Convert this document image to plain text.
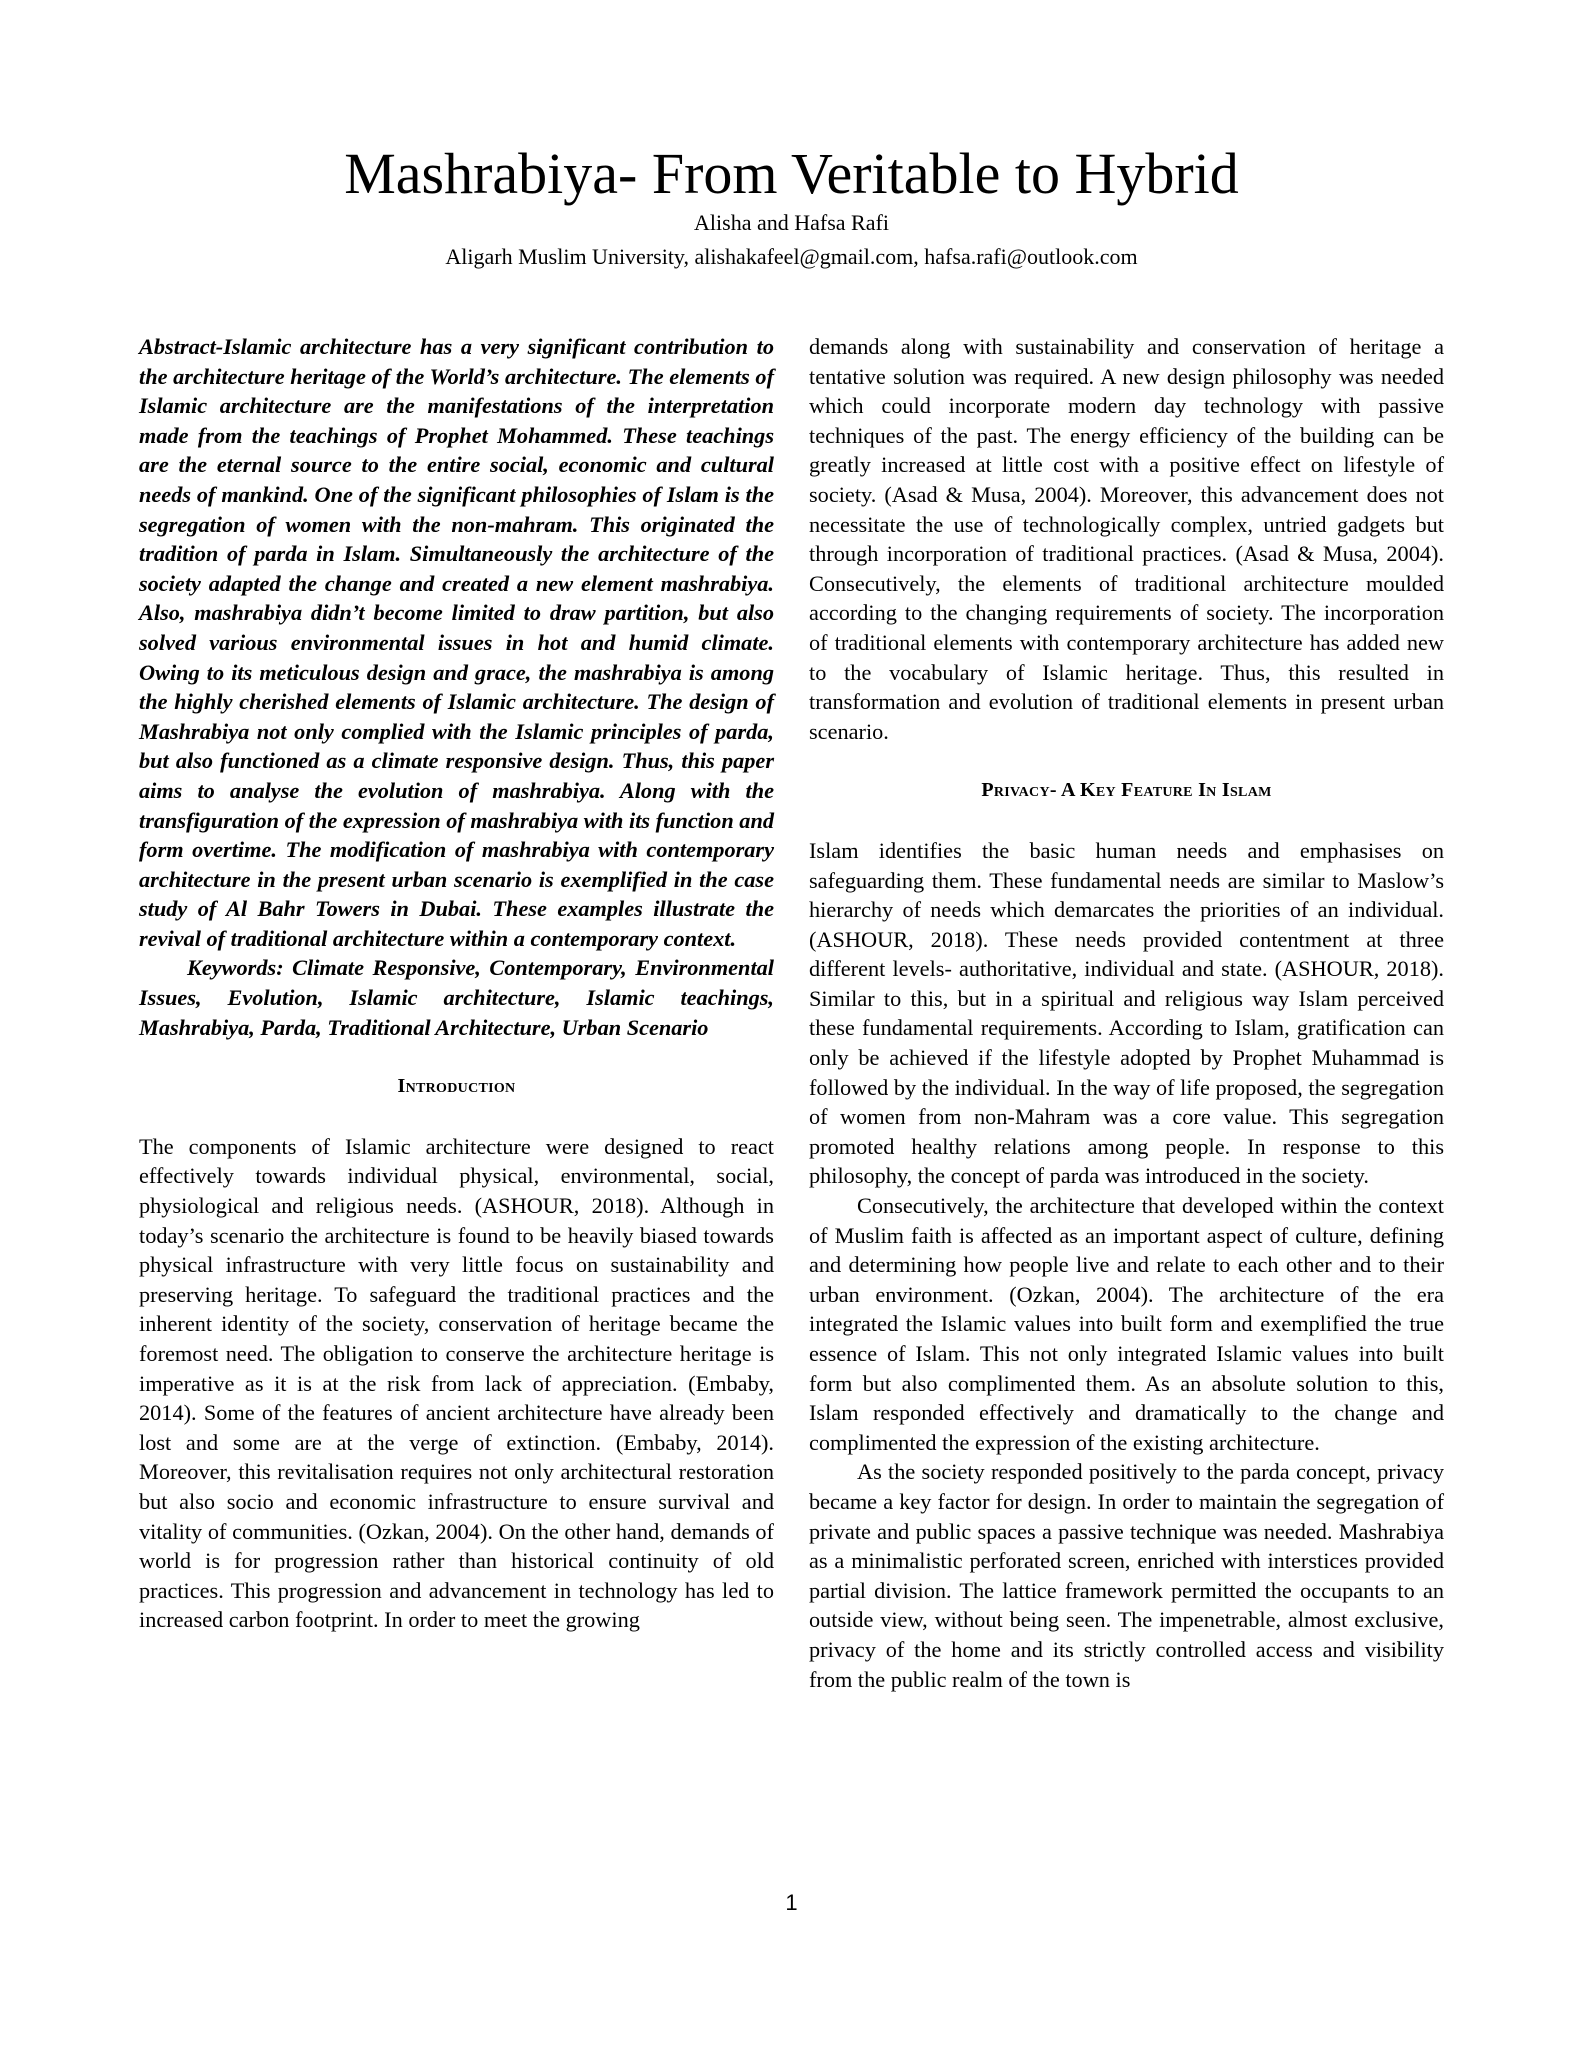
Mashrabiya- From Veritable to Hybrid
Alisha and Hafsa Rafi
Aligarh Muslim University, alishakafeel@gmail.com, hafsa.rafi@outlook.com

Abstract-Islamic architecture has a very significant contribution to the architecture heritage of the World’s architecture. The elements of Islamic architecture are the manifestations of the interpretation made from the teachings of Prophet Mohammed. These teachings are the eternal source to the entire social, economic and cultural needs of mankind. One of the significant philosophies of Islam is the segregation of women with the non-mahram. This originated the tradition of parda in Islam. Simultaneously the architecture of the society adapted the change and created a new element mashrabiya. Also, mashrabiya didn’t become limited to draw partition, but also solved various environmental issues in hot and humid climate. Owing to its meticulous design and grace, the mashrabiya is among the highly cherished elements of Islamic architecture. The design of Mashrabiya not only complied with the Islamic principles of parda, but also functioned as a climate responsive design. Thus, this paper aims to analyse the evolution of mashrabiya. Along with the transfiguration of the expression of mashrabiya with its function and form overtime. The modification of mashrabiya with contemporary architecture in the present urban scenario is exemplified in the case study of Al Bahr Towers in Dubai. These examples illustrate the revival of traditional architecture within a contemporary context.

Keywords: Climate Responsive, Contemporary, Environmental Issues, Evolution, Islamic architecture, Islamic teachings, Mashrabiya, Parda, Traditional Architecture, Urban Scenario

Introduction

The components of Islamic architecture were designed to react effectively towards individual physical, environmental, social, physiological and religious needs. (ASHOUR, 2018). Although in today’s scenario the architecture is found to be heavily biased towards physical infrastructure with very little focus on sustainability and preserving heritage. To safeguard the traditional practices and the inherent identity of the society, conservation of heritage became the foremost need. The obligation to conserve the architecture heritage is imperative as it is at the risk from lack of appreciation. (Embaby, 2014). Some of the features of ancient architecture have already been lost and some are at the verge of extinction. (Embaby, 2014). Moreover, this revitalisation requires not only architectural restoration but also socio and economic infrastructure to ensure survival and vitality of communities. (Ozkan, 2004). On the other hand, demands of world is for progression rather than historical continuity of old practices. This progression and advancement in technology has led to increased carbon footprint. In order to meet the growing

demands along with sustainability and conservation of heritage a tentative solution was required. A new design philosophy was needed which could incorporate modern day technology with passive techniques of the past. The energy efficiency of the building can be greatly increased at little cost with a positive effect on lifestyle of society. (Asad & Musa, 2004). Moreover, this advancement does not necessitate the use of technologically complex, untried gadgets but through incorporation of traditional practices. (Asad & Musa, 2004). Consecutively, the elements of traditional architecture moulded according to the changing requirements of society. The incorporation of traditional elements with contemporary architecture has added new to the vocabulary of Islamic heritage. Thus, this resulted in transformation and evolution of traditional elements in present urban scenario.

Privacy- A Key Feature In Islam

Islam identifies the basic human needs and emphasises on safeguarding them. These fundamental needs are similar to Maslow’s hierarchy of needs which demarcates the priorities of an individual. (ASHOUR, 2018). These needs provided contentment at three different levels- authoritative, individual and state. (ASHOUR, 2018). Similar to this, but in a spiritual and religious way Islam perceived these fundamental requirements. According to Islam, gratification can only be achieved if the lifestyle adopted by Prophet Muhammad is followed by the individual. In the way of life proposed, the segregation of women from non-Mahram was a core value. This segregation promoted healthy relations among people. In response to this philosophy, the concept of parda was introduced in the society.

Consecutively, the architecture that developed within the context of Muslim faith is affected as an important aspect of culture, defining and determining how people live and relate to each other and to their urban environment. (Ozkan, 2004). The architecture of the era integrated the Islamic values into built form and exemplified the true essence of Islam. This not only integrated Islamic values into built form but also complimented them. As an absolute solution to this, Islam responded effectively and dramatically to the change and complimented the expression of the existing architecture.

As the society responded positively to the parda concept, privacy became a key factor for design. In order to maintain the segregation of private and public spaces a passive technique was needed. Mashrabiya as a minimalistic perforated screen, enriched with interstices provided partial division. The lattice framework permitted the occupants to an outside view, without being seen. The impenetrable, almost exclusive, privacy of the home and its strictly controlled access and visibility from the public realm of the town is

1
